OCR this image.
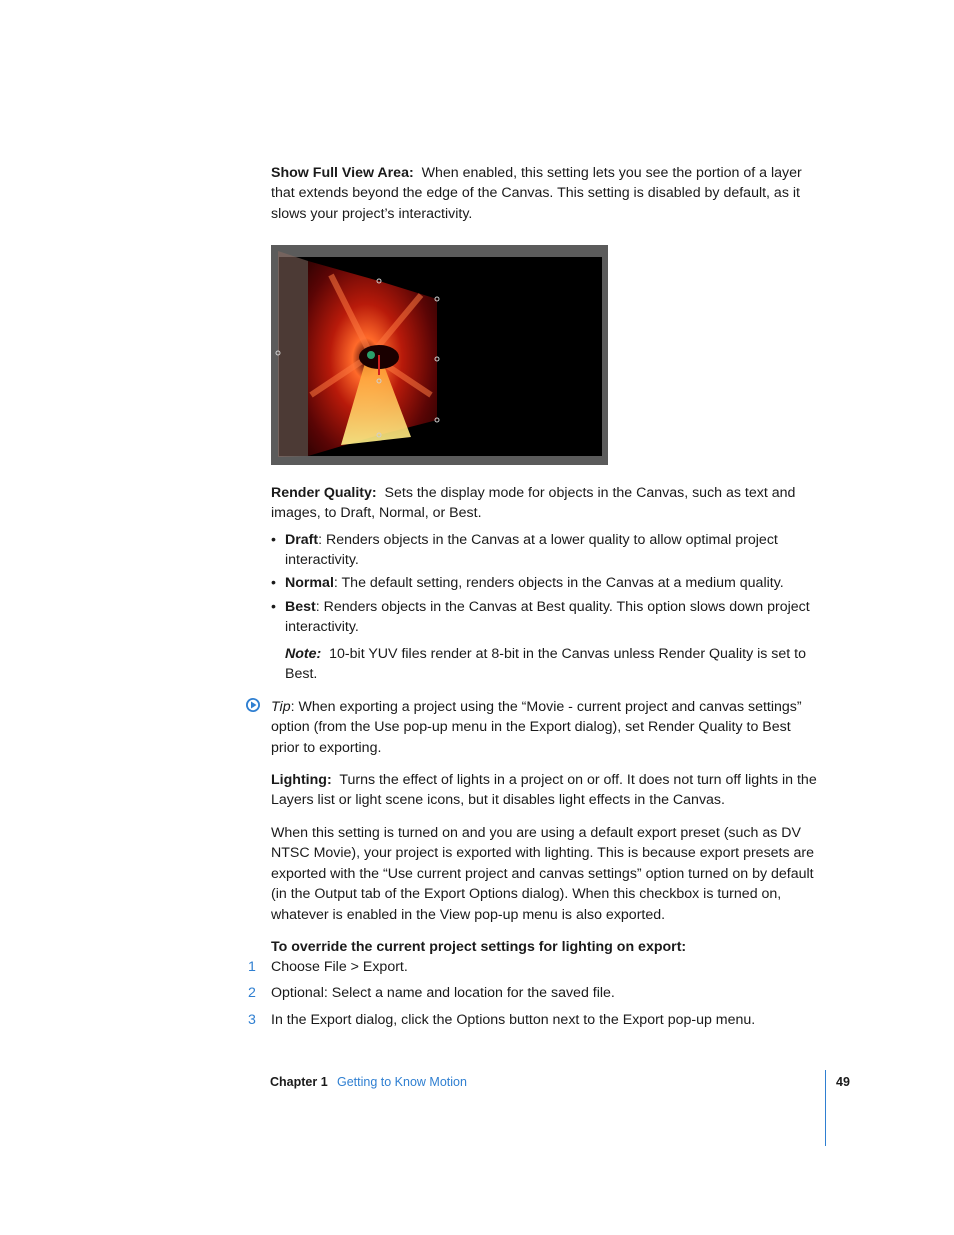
Show Full View Area: When enabled, this setting lets you see the portion of a layer that extends beyond the edge of the Canvas. This setting is disabled by default, as it slows your project’s interactivity.

Render Quality: Sets the display mode for objects in the Canvas, such as text and images, to Draft, Normal, or Best.

• Draft: Renders objects in the Canvas at a lower quality to allow optimal project interactivity.
• Normal: The default setting, renders objects in the Canvas at a medium quality.
• Best: Renders objects in the Canvas at Best quality. This option slows down project interactivity.

Note: 10-bit YUV files render at 8-bit in the Canvas unless Render Quality is set to Best.

Tip: When exporting a project using the “Movie - current project and canvas settings” option (from the Use pop-up menu in the Export dialog), set Render Quality to Best prior to exporting.

Lighting: Turns the effect of lights in a project on or off. It does not turn off lights in the Layers list or light scene icons, but it disables light effects in the Canvas.

When this setting is turned on and you are using a default export preset (such as DV NTSC Movie), your project is exported with lighting. This is because export presets are exported with the “Use current project and canvas settings” option turned on by default (in the Output tab of the Export Options dialog). When this checkbox is turned on, whatever is enabled in the View pop-up menu is also exported.

To override the current project settings for lighting on export:

1	Choose File > Export.
2	Optional: Select a name and location for the saved file.
3	In the Export dialog, click the Options button next to the Export pop-up menu.
Chapter 1 Getting to Know Motion	49
